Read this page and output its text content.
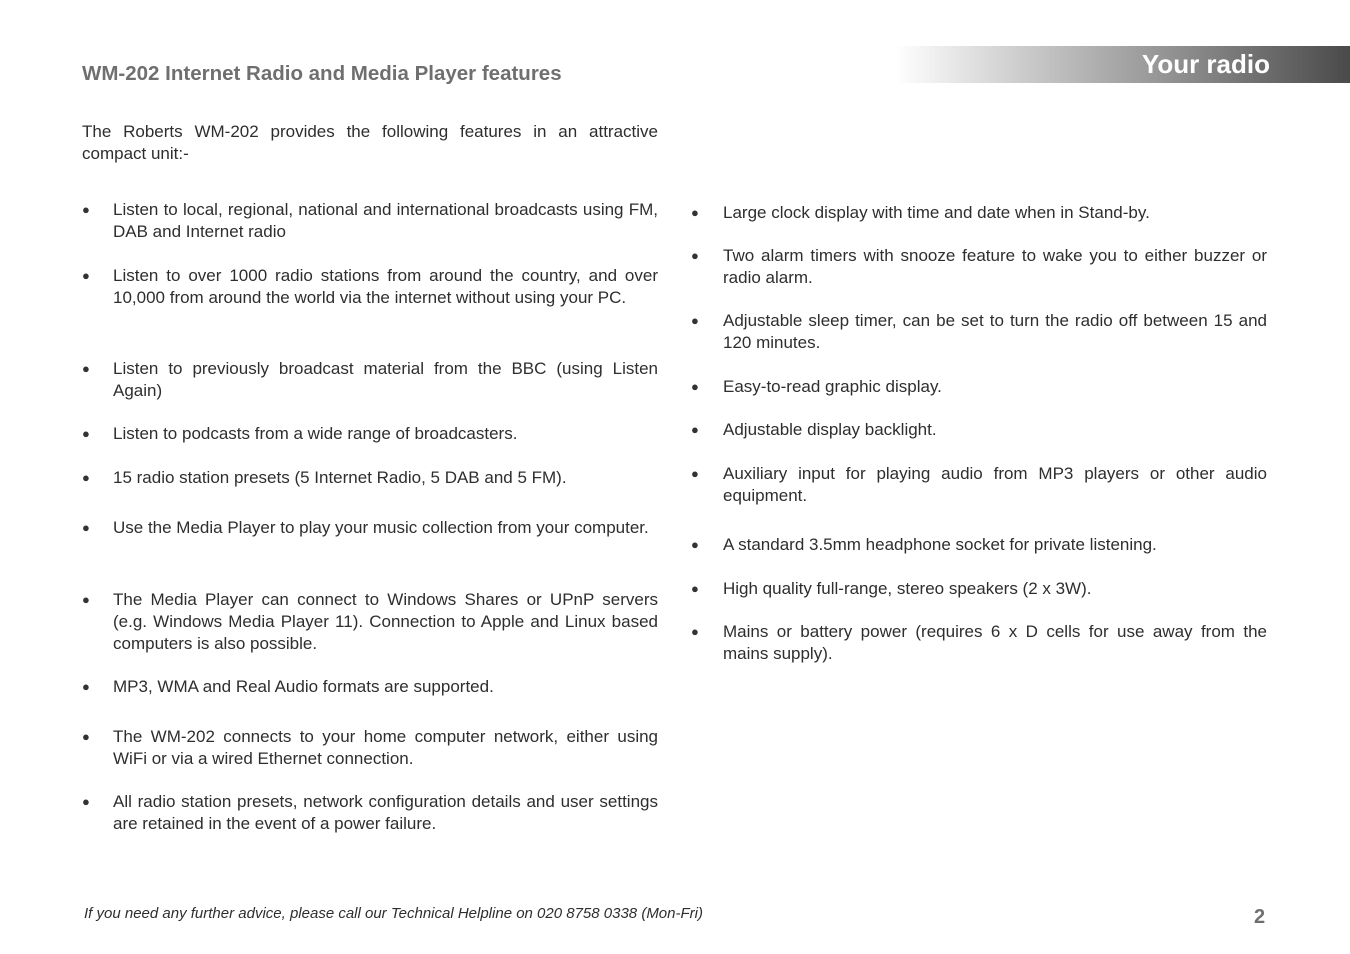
Your radio
WM-202 Internet Radio and Media Player features
The Roberts WM-202 provides the following features in an attractive compact unit:-
● Listen to local, regional, national and international broadcasts using FM, DAB and Internet radio
● Listen to over 1000 radio stations from around the country, and over 10,000 from around the world via the internet without using your PC.
● Listen to previously broadcast material from the BBC (using Listen Again)
● Listen to podcasts from a wide range of broadcasters.
● 15 radio station presets (5 Internet Radio, 5 DAB and 5 FM).
● Use the Media Player to play your music collection from your computer.
● The Media Player can connect to Windows Shares or UPnP servers (e.g. Windows Media Player 11). Connection to Apple and Linux based computers is also possible.
● MP3, WMA and Real Audio formats are supported.
● The WM-202 connects to your home computer network, either using WiFi or via a wired Ethernet connection.
● All radio station presets, network configuration details and user settings are retained in the event of a power failure.
● Large clock display with time and date when in Stand-by.
● Two alarm timers with snooze feature to wake you to either buzzer or radio alarm.
● Adjustable sleep timer, can be set to turn the radio off between 15 and 120 minutes.
● Easy-to-read graphic display.
● Adjustable display backlight.
● Auxiliary input for playing audio from MP3 players or other audio equipment.
● A standard 3.5mm headphone socket for private listening.
● High quality full-range, stereo speakers (2 x 3W).
● Mains or battery power (requires 6 x D cells for use away from the mains supply).
If you need any further advice, please call our Technical Helpline on 020 8758 0338 (Mon-Fri)	2
